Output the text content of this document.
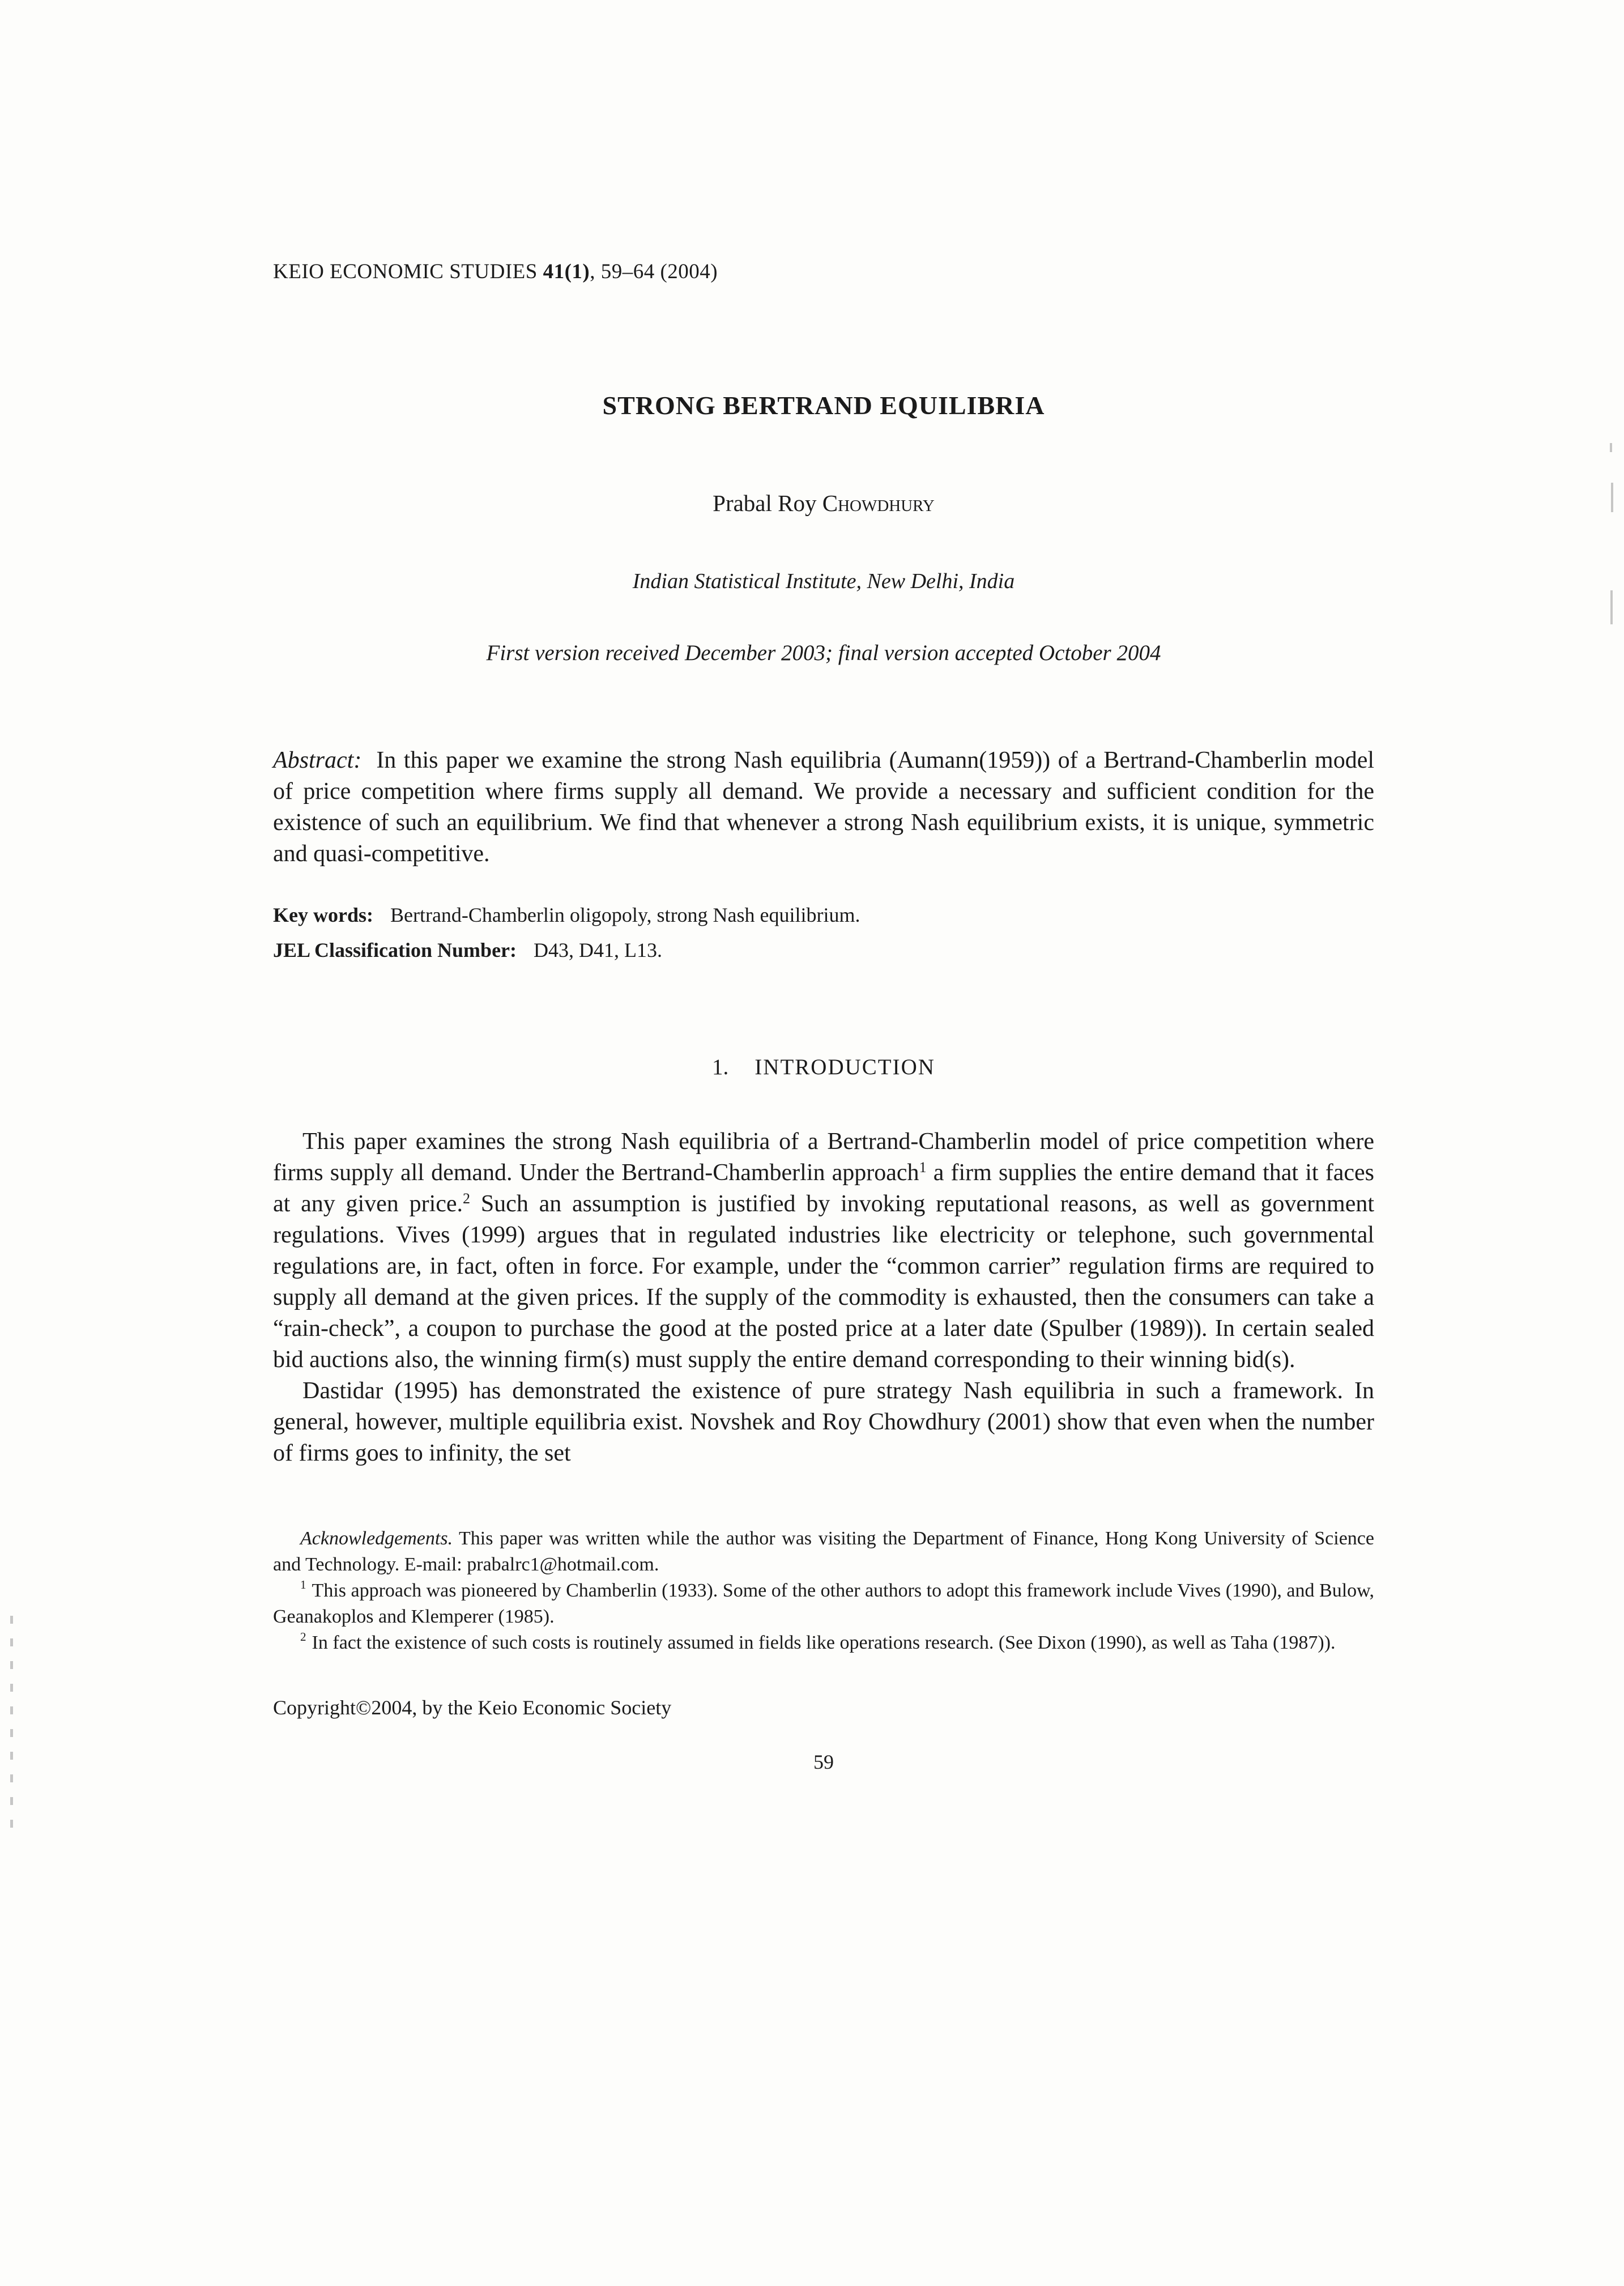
KEIO ECONOMIC STUDIES 41(1), 59–64 (2004)
STRONG BERTRAND EQUILIBRIA
Prabal Roy Chowdhury
Indian Statistical Institute, New Delhi, India
First version received December 2003; final version accepted October 2004

Abstract: In this paper we examine the strong Nash equilibria (Aumann(1959)) of a Bertrand-Chamberlin model of price competition where firms supply all demand. We provide a necessary and sufficient condition for the existence of such an equilibrium. We find that whenever a strong Nash equilibrium exists, it is unique, symmetric and quasi-competitive.

Key words: Bertrand-Chamberlin oligopoly, strong Nash equilibrium.

JEL Classification Number: D43, D41, L13.

1. INTRODUCTION

This paper examines the strong Nash equilibria of a Bertrand-Chamberlin model of price competition where firms supply all demand. Under the Bertrand-Chamberlin approach$^1$ a firm supplies the entire demand that it faces at any given price.$^2$ Such an assumption is justified by invoking reputational reasons, as well as government regulations. Vives (1999) argues that in regulated industries like electricity or telephone, such governmental regulations are, in fact, often in force. For example, under the “common carrier” regulation firms are required to supply all demand at the given prices. If the supply of the commodity is exhausted, then the consumers can take a “rain-check”, a coupon to purchase the good at the posted price at a later date (Spulber (1989)). In certain sealed bid auctions also, the winning firm(s) must supply the entire demand corresponding to their winning bid(s).

Dastidar (1995) has demonstrated the existence of pure strategy Nash equilibria in such a framework. In general, however, multiple equilibria exist. Novshek and Roy Chowdhury (2001) show that even when the number of firms goes to infinity, the set

Acknowledgements. This paper was written while the author was visiting the Department of Finance, Hong Kong University of Science and Technology. E-mail: prabalrc1@hotmail.com.

$^1$ This approach was pioneered by Chamberlin (1933). Some of the other authors to adopt this framework include Vives (1990), and Bulow, Geanakoplos and Klemperer (1985).

$^2$ In fact the existence of such costs is routinely assumed in fields like operations research. (See Dixon (1990), as well as Taha (1987)).

Copyright©2004, by the Keio Economic Society
59
